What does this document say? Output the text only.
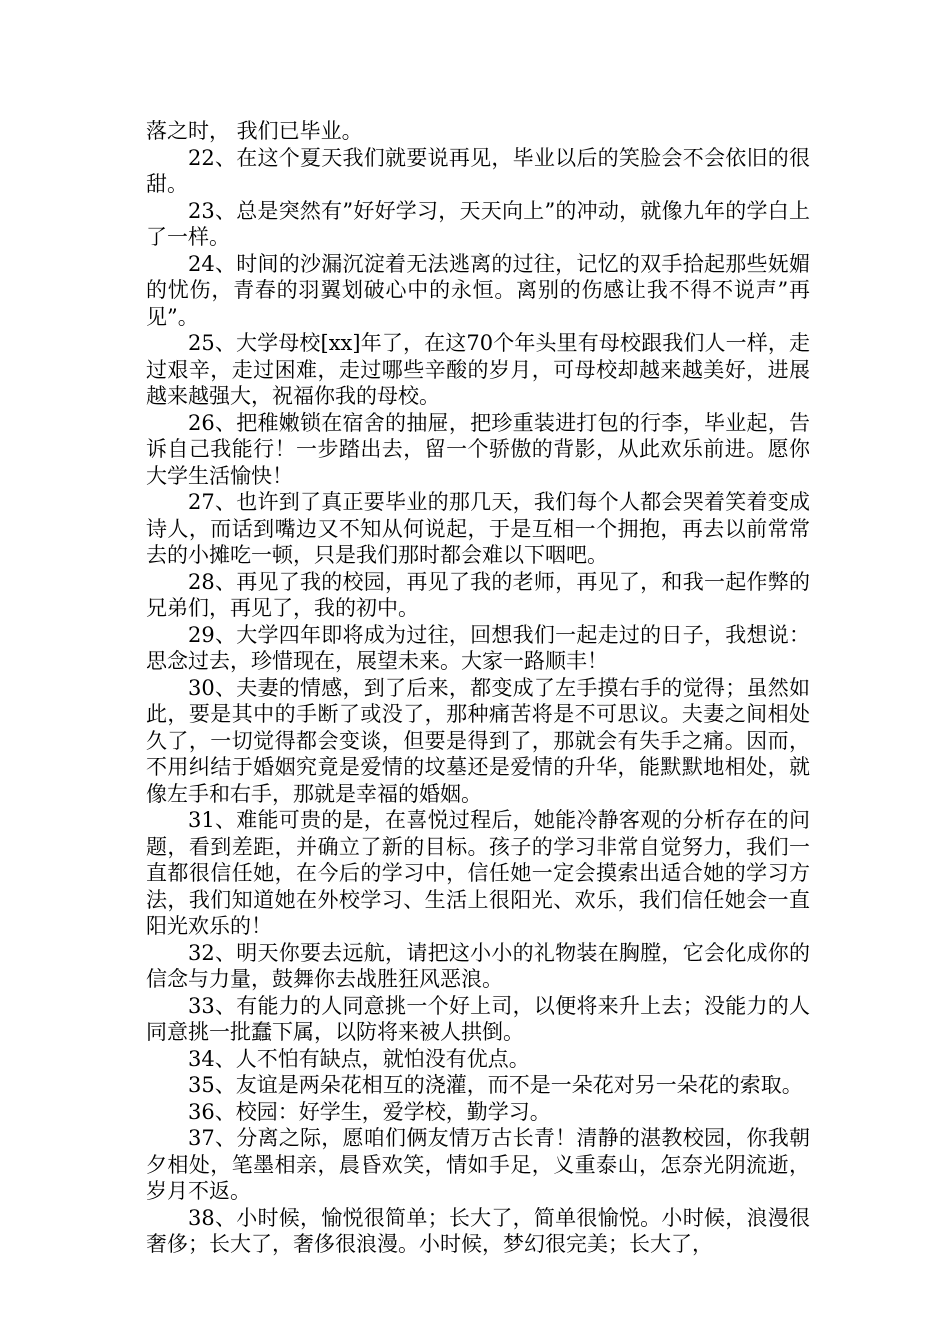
落之时， 我们已毕业。

22、在这个夏天我们就要说再见，毕业以后的笑脸会不会依旧的很甜。

23、总是突然有”好好学习，天天向上”的冲动，就像九年的学白上了一样。

24、时间的沙漏沉淀着无法逃离的过往，记忆的双手拾起那些妩媚的忧伤，青春的羽翼划破心中的永恒。离别的伤感让我不得不说声”再见”。

25、大学母校[xx]年了，在这70个年头里有母校跟我们人一样，走过艰辛，走过困难，走过哪些辛酸的岁月，可母校却越来越美好，进展越来越强大，祝福你我的母校。

26、把稚嫩锁在宿舍的抽屉，把珍重装进打包的行李，毕业起，告诉自己我能行！一步踏出去，留一个骄傲的背影，从此欢乐前进。愿你大学生活愉快！

27、也许到了真正要毕业的那几天，我们每个人都会哭着笑着变成诗人，而话到嘴边又不知从何说起，于是互相一个拥抱，再去以前常常去的小摊吃一顿，只是我们那时都会难以下咽吧。

28、再见了我的校园，再见了我的老师，再见了，和我一起作弊的兄弟们，再见了，我的初中。

29、大学四年即将成为过往，回想我们一起走过的日子，我想说：思念过去，珍惜现在，展望未来。大家一路顺丰！

30、夫妻的情感，到了后来，都变成了左手摸右手的觉得；虽然如此，要是其中的手断了或没了，那种痛苦将是不可思议。夫妻之间相处久了，一切觉得都会变谈，但要是得到了，那就会有失手之痛。因而，不用纠结于婚姻究竟是爱情的坟墓还是爱情的升华，能默默地相处，就像左手和右手，那就是幸福的婚姻。

31、难能可贵的是，在喜悦过程后，她能冷静客观的分析存在的问题，看到差距，并确立了新的目标。孩子的学习非常自觉努力，我们一直都很信任她，在今后的学习中，信任她一定会摸索出适合她的学习方法，我们知道她在外校学习、生活上很阳光、欢乐，我们信任她会一直阳光欢乐的！

32、明天你要去远航，请把这小小的礼物装在胸膛，它会化成你的信念与力量，鼓舞你去战胜狂风恶浪。

33、有能力的人同意挑一个好上司，以便将来升上去；没能力的人同意挑一批蠢下属，以防将来被人拱倒。

34、人不怕有缺点，就怕没有优点。

35、友谊是两朵花相互的浇灌，而不是一朵花对另一朵花的索取。

36、校园：好学生，爱学校，勤学习。

37、分离之际，愿咱们俩友情万古长青！清静的湛教校园，你我朝夕相处，笔墨相亲，晨昏欢笑，情如手足，义重泰山，怎奈光阴流逝，岁月不返。

38、小时候，愉悦很简单；长大了，简单很愉悦。小时候，浪漫很奢侈；长大了，奢侈很浪漫。小时候，梦幻很完美；长大了，
